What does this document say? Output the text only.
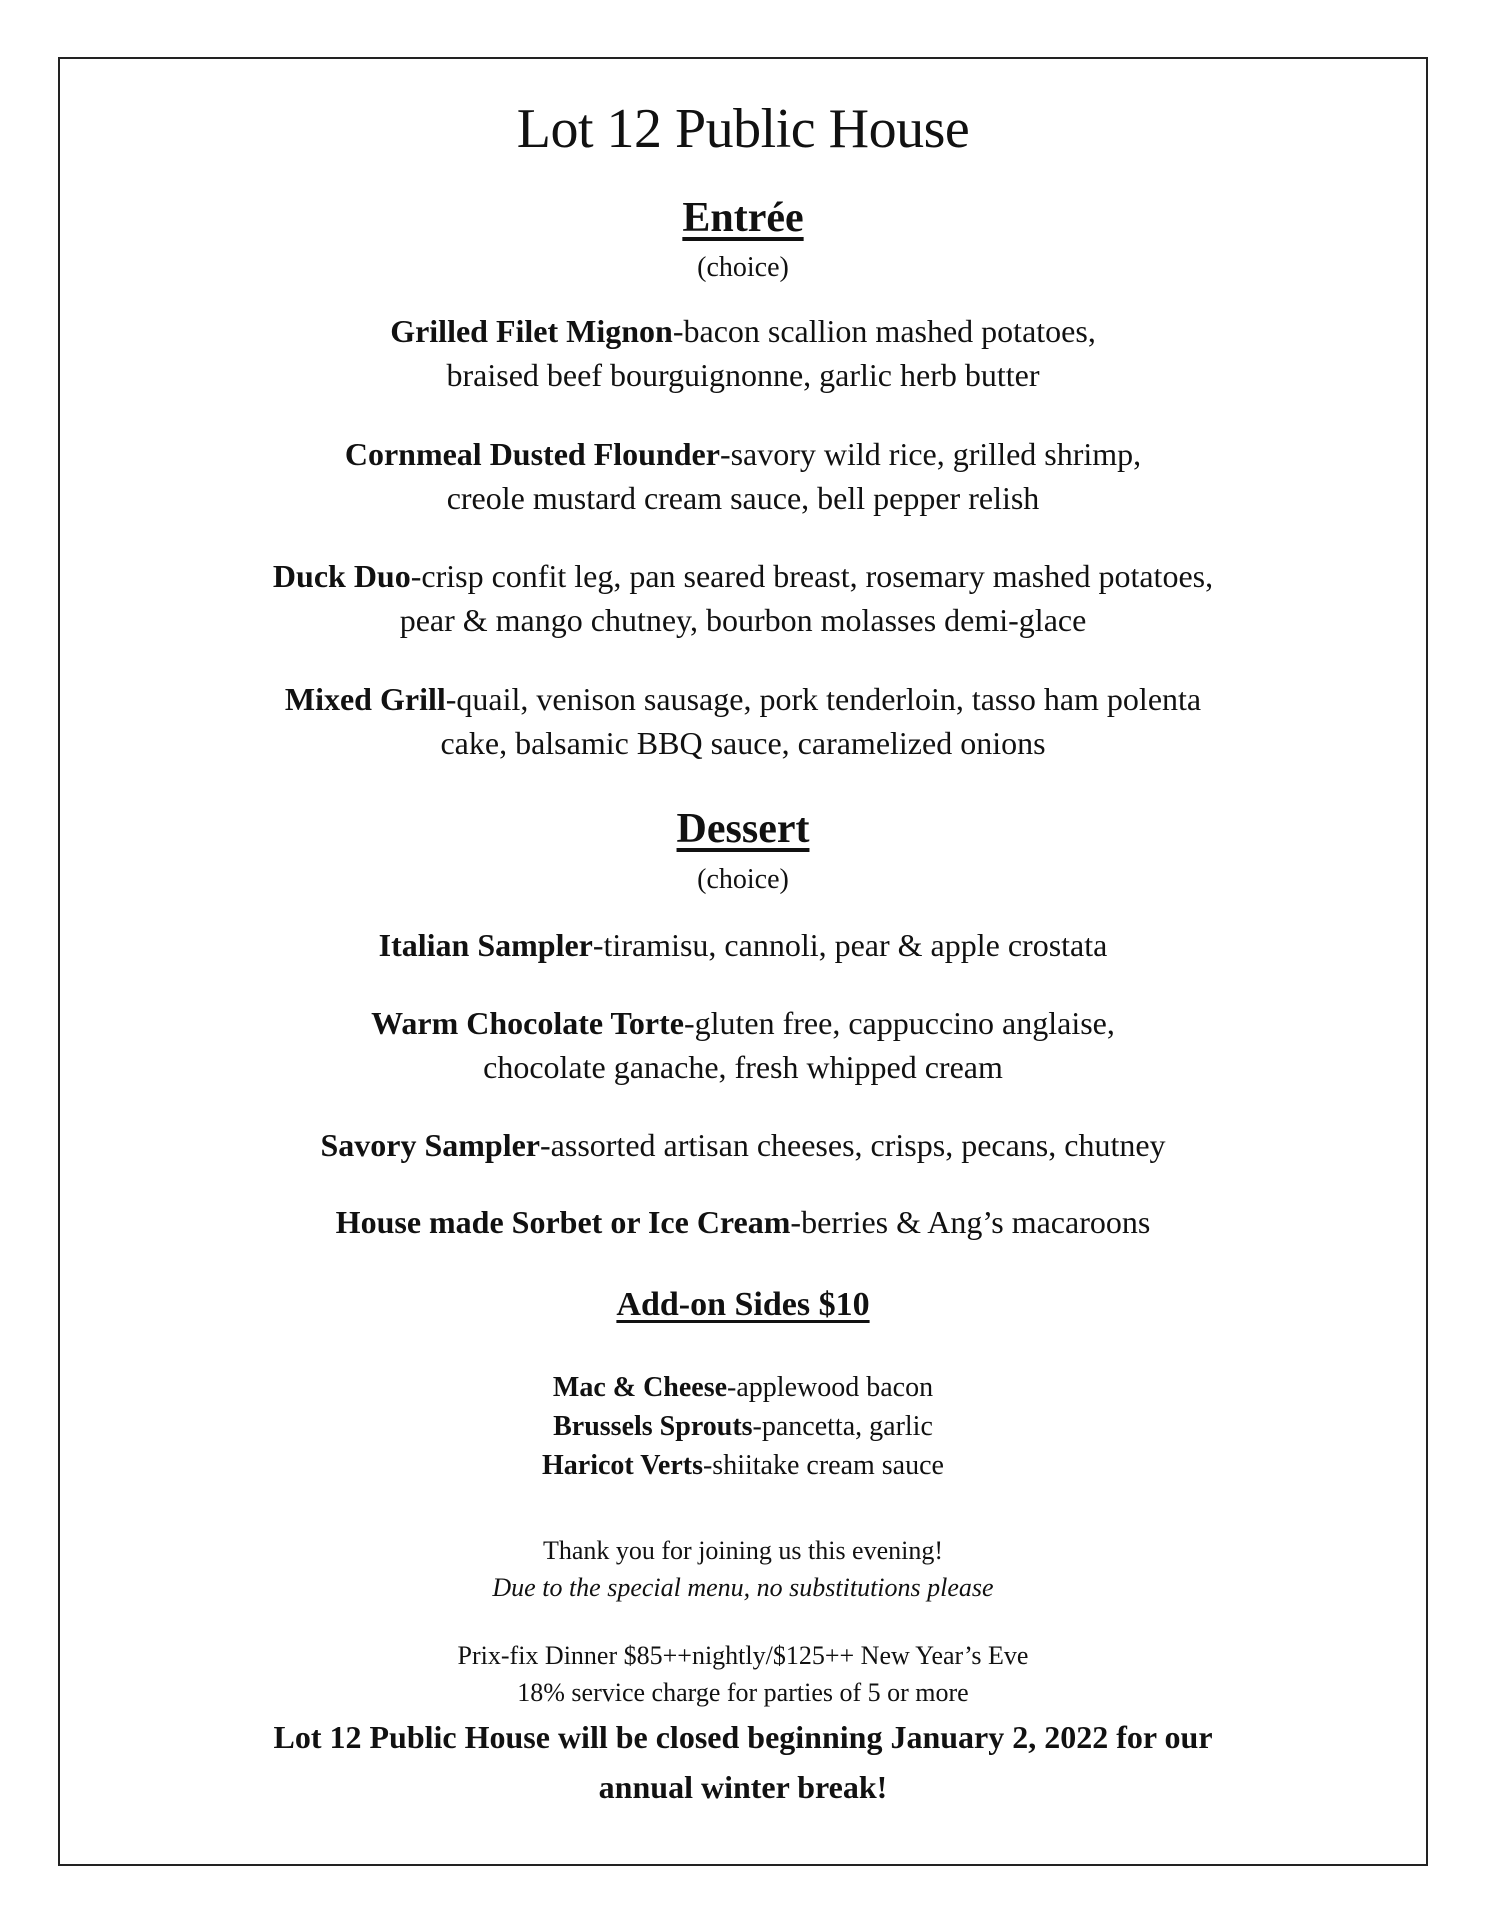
Lot 12 Public House
Entrée

(choice)

Grilled Filet Mignon-bacon scallion mashed potatoes,
braised beef bourguignonne, garlic herb butter

Cornmeal Dusted Flounder-savory wild rice, grilled shrimp,
creole mustard cream sauce, bell pepper relish

Duck Duo-crisp confit leg, pan seared breast, rosemary mashed potatoes,
pear & mango chutney, bourbon molasses demi-glace

Mixed Grill-quail, venison sausage, pork tenderloin, tasso ham polenta
cake, balsamic BBQ sauce, caramelized onions

Dessert

(choice)

Italian Sampler-tiramisu, cannoli, pear & apple crostata

Warm Chocolate Torte-gluten free, cappuccino anglaise,
chocolate ganache, fresh whipped cream

Savory Sampler-assorted artisan cheeses, crisps, pecans, chutney

House made Sorbet or Ice Cream-berries & Ang’s macaroons

Add-on Sides $10

Mac & Cheese-applewood bacon
Brussels Sprouts-pancetta, garlic
Haricot Verts-shiitake cream sauce

Thank you for joining us this evening!
Due to the special menu, no substitutions please

Prix-fix Dinner $85++nightly/$125++ New Year’s Eve
18% service charge for parties of 5 or more

Lot 12 Public House will be closed beginning January 2, 2022 for our
annual winter break!
